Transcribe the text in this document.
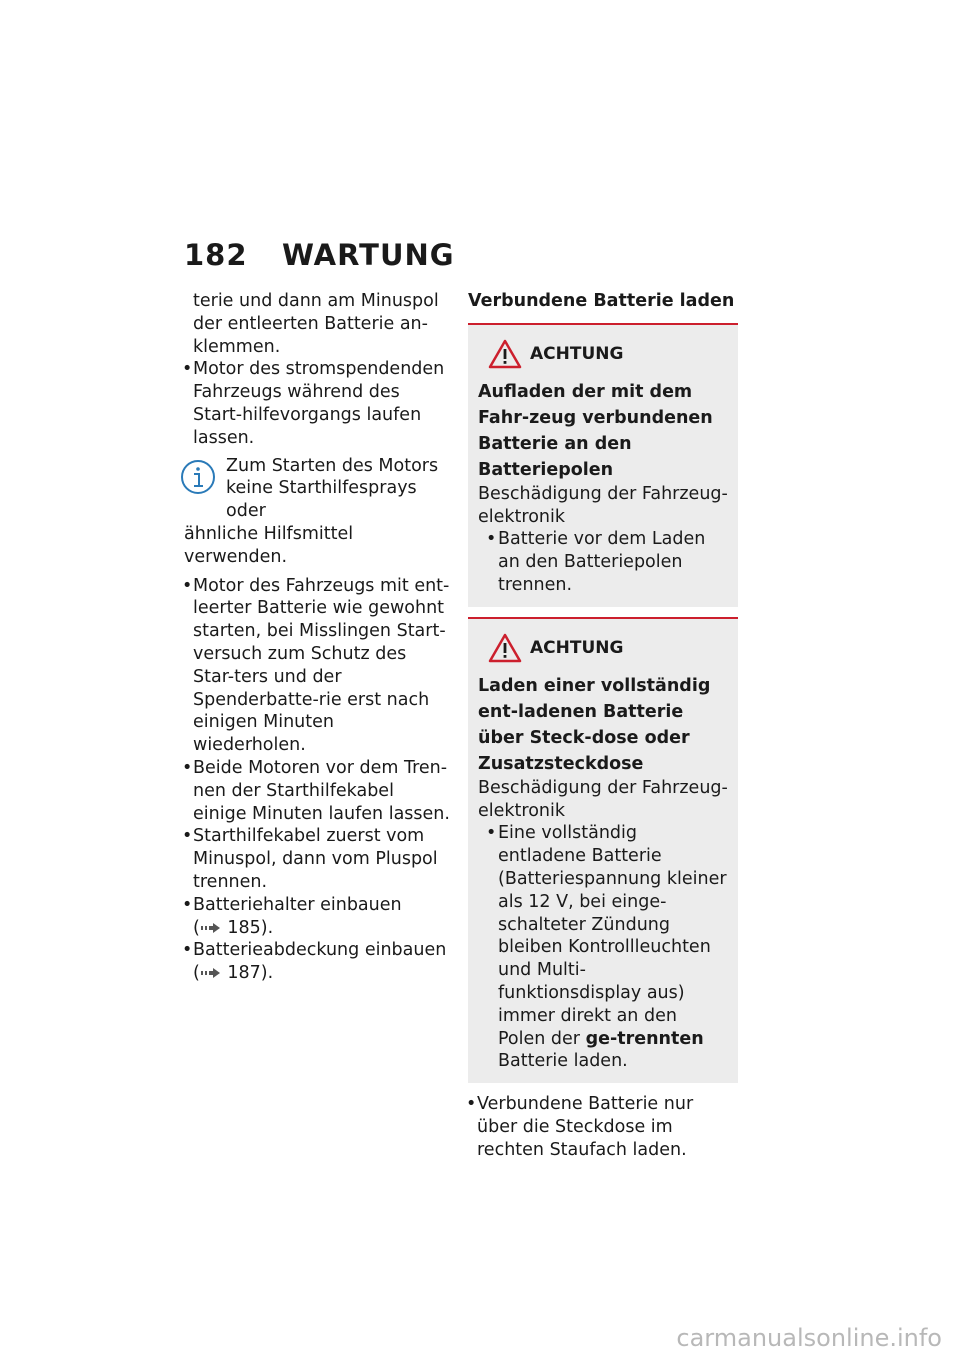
182 WARTUNG
terie und dann am Minuspol der entleerten Batterie an-klemmen.
• Motor des stromspendenden Fahrzeugs während des Start-hilfevorgangs laufen lassen.
Zum Starten des Motors
keine Starthilfesprays oder
ähnliche Hilfsmittel verwenden.
• Motor des Fahrzeugs mit ent-leerter Batterie wie gewohnt starten, bei Misslingen Start-versuch zum Schutz des Star-ters und der Spenderbatte-rie erst nach einigen Minuten wiederholen.
• Beide Motoren vor dem Tren-nen der Starthilfekabel einige Minuten laufen lassen.
• Starthilfekabel zuerst vom Minuspol, dann vom Pluspol trennen.
• Batteriehalter einbauen
( 185).
• Batterieabdeckung einbauen
( 187).
Verbundene Batterie laden
ACHTUNG
Aufladen der mit dem Fahr-zeug verbundenen Batterie an den Batteriepolen
Beschädigung der Fahrzeug-elektronik
• Batterie vor dem Laden an den Batteriepolen trennen.
ACHTUNG
Laden einer vollständig ent-ladenen Batterie über Steck-dose oder Zusatzsteckdose
Beschädigung der Fahrzeug-elektronik
• Eine vollständig entladene Batterie (Batteriespannung kleiner als 12 V, bei einge-schalteter Zündung bleiben Kontrollleuchten und Multi-funktionsdisplay aus) immer direkt an den Polen der ge-trennten Batterie laden.
• Verbundene Batterie nur über die Steckdose im rechten Staufach laden.
carmanualsonline.info
